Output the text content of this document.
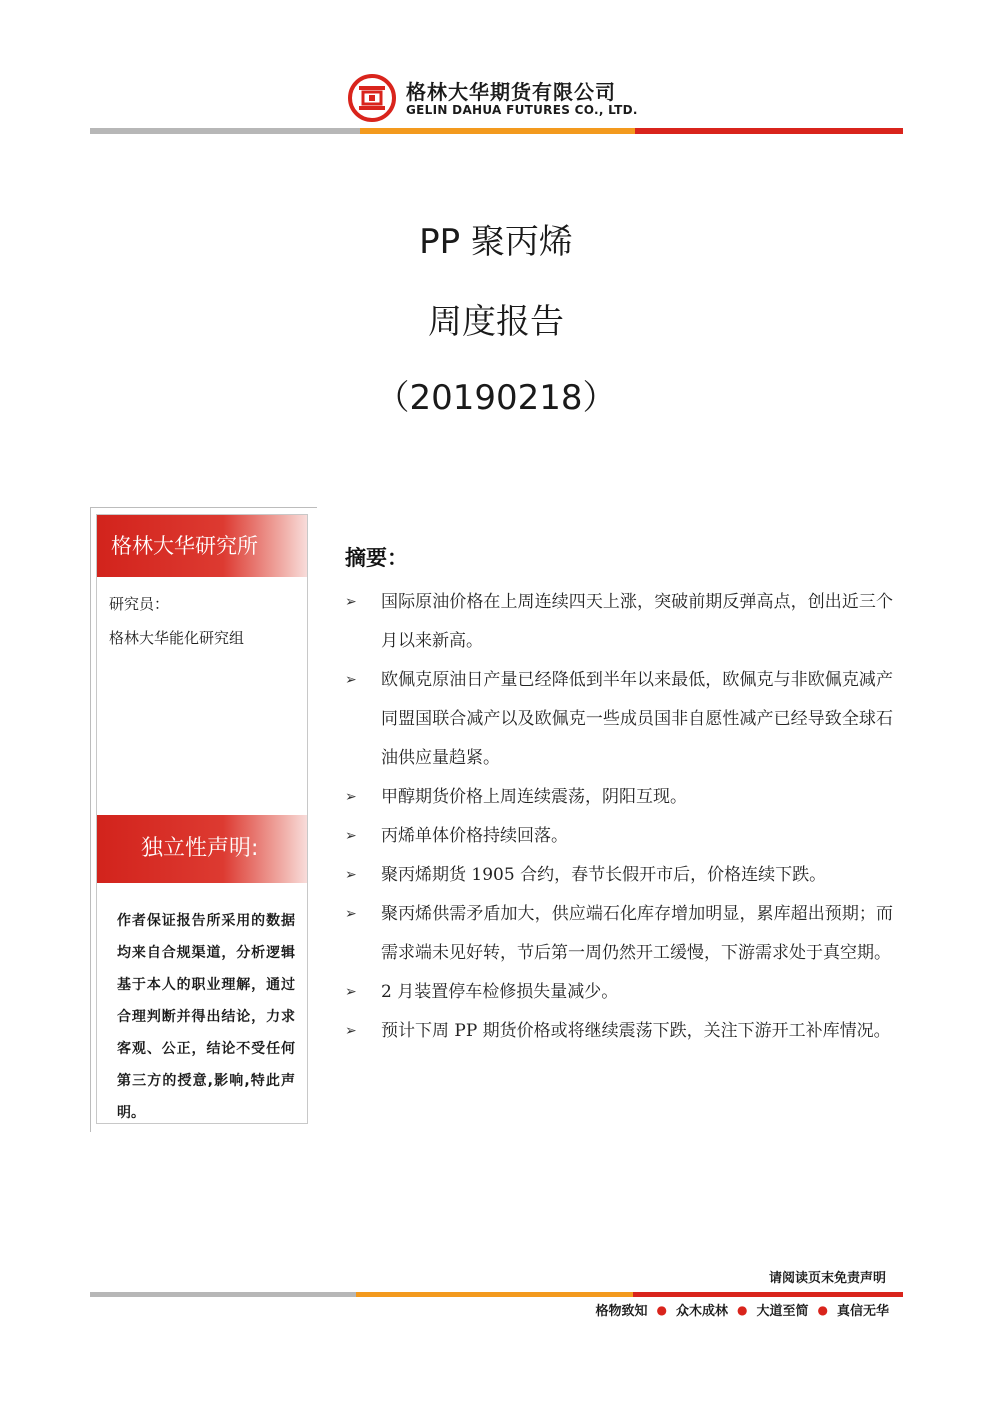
格林大华期货有限公司
GELIN DAHUA FUTURES CO., LTD.
PP 聚丙烯
周度报告
（20190218）
格林大华研究所
研究员：
格林大华能化研究组
独立性声明:
作者保证报告所采用的数据均来自合规渠道，分析逻辑基于本人的职业理解，通过合理判断并得出结论，力求客观、公正，结论不受任何第三方的授意,影响,特此声明。
摘要：
➢	国际原油价格在上周连续四天上涨，突破前期反弹高点，创出近三个月以来新高。
➢	欧佩克原油日产量已经降低到半年以来最低，欧佩克与非欧佩克减产同盟国联合减产以及欧佩克一些成员国非自愿性减产已经导致全球石油供应量趋紧。
➢	甲醇期货价格上周连续震荡，阴阳互现。
➢	丙烯单体价格持续回落。
➢	聚丙烯期货 1905 合约，春节长假开市后，价格连续下跌。
➢	聚丙烯供需矛盾加大，供应端石化库存增加明显，累库超出预期；而需求端未见好转，节后第一周仍然开工缓慢，下游需求处于真空期。
➢	2 月装置停车检修损失量减少。
➢	预计下周 PP 期货价格或将继续震荡下跌，关注下游开工补库情况。
请阅读页末免责声明
格物致知 ● 众木成林 ● 大道至简 ● 真信无华
